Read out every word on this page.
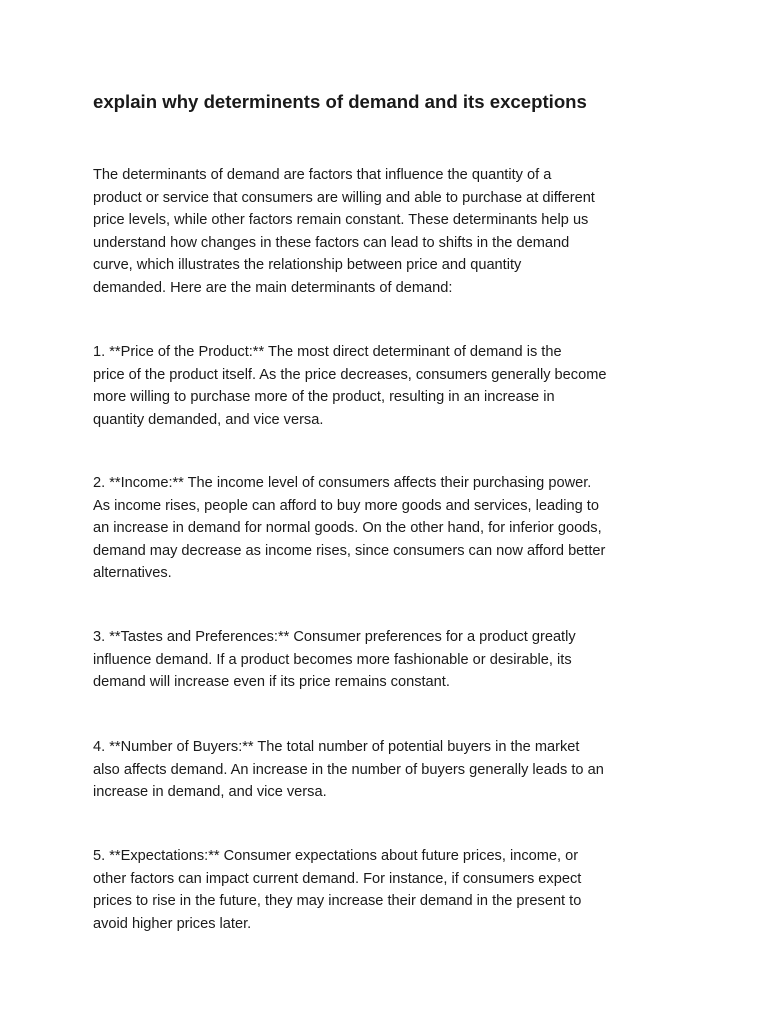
explain why determinents of demand and its exceptions

The determinants of demand are factors that influence the quantity of a
product or service that consumers are willing and able to purchase at different
price levels, while other factors remain constant. These determinants help us
understand how changes in these factors can lead to shifts in the demand
curve, which illustrates the relationship between price and quantity
demanded. Here are the main determinants of demand:

1. **Price of the Product:** The most direct determinant of demand is the
price of the product itself. As the price decreases, consumers generally become
more willing to purchase more of the product, resulting in an increase in
quantity demanded, and vice versa.

2. **Income:** The income level of consumers affects their purchasing power.
As income rises, people can afford to buy more goods and services, leading to
an increase in demand for normal goods. On the other hand, for inferior goods,
demand may decrease as income rises, since consumers can now afford better
alternatives.

3. **Tastes and Preferences:** Consumer preferences for a product greatly
influence demand. If a product becomes more fashionable or desirable, its
demand will increase even if its price remains constant.

4. **Number of Buyers:** The total number of potential buyers in the market
also affects demand. An increase in the number of buyers generally leads to an
increase in demand, and vice versa.

5. **Expectations:** Consumer expectations about future prices, income, or
other factors can impact current demand. For instance, if consumers expect
prices to rise in the future, they may increase their demand in the present to
avoid higher prices later.
